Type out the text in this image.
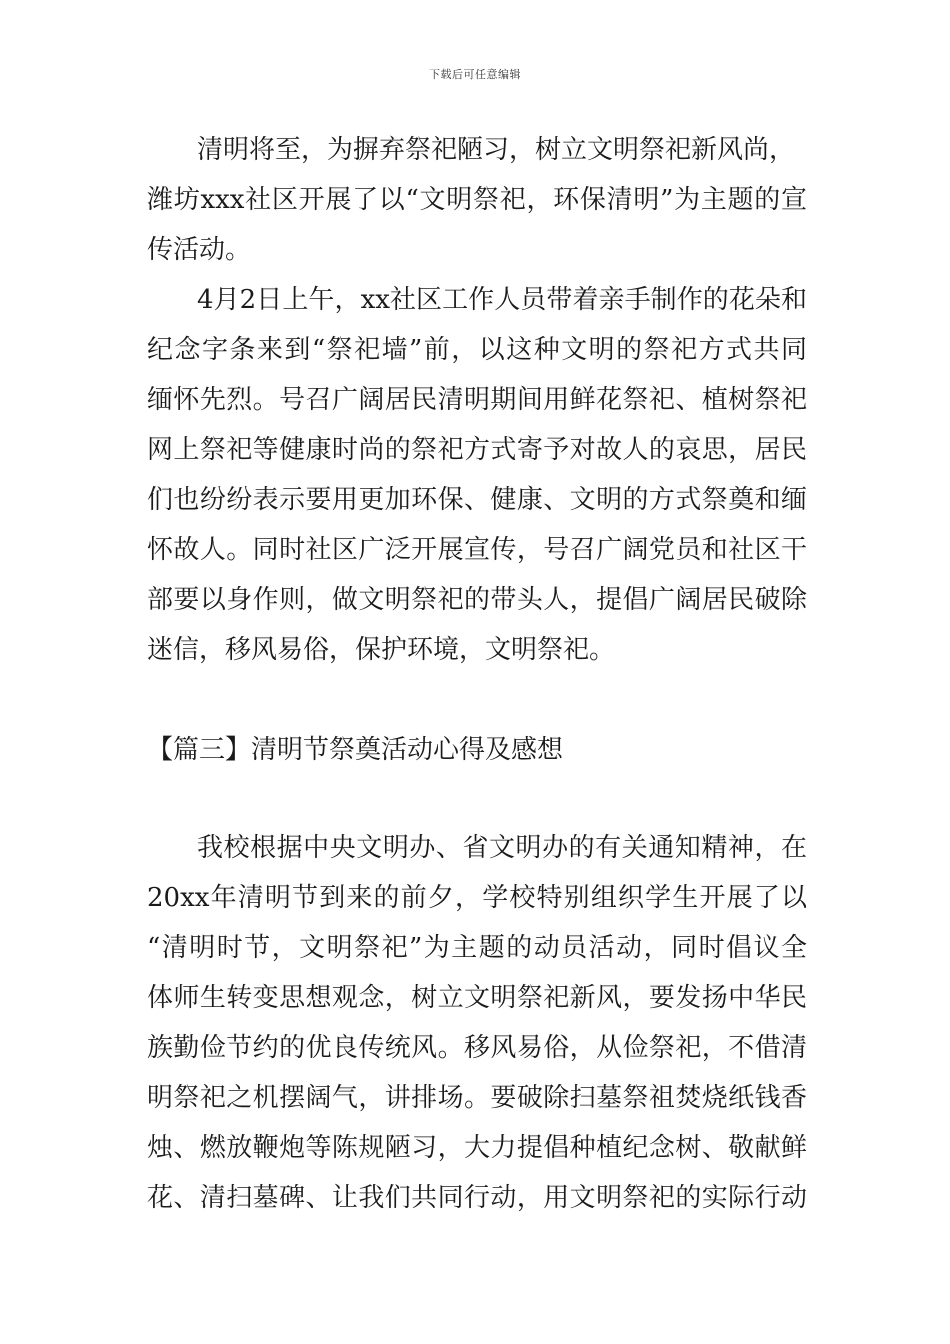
下载后可任意编辑
清明将至，为摒弃祭祀陋习，树立文明祭祀新风尚，
潍坊xxx社区开展了以“文明祭祀，环保清明”为主题的宣
传活动。
4月2日上午，xx社区工作人员带着亲手制作的花朵和
纪念字条来到“祭祀墙”前，以这种文明的祭祀方式共同
缅怀先烈。号召广阔居民清明期间用鲜花祭祀、植树祭祀
网上祭祀等健康时尚的祭祀方式寄予对故人的哀思，居民
们也纷纷表示要用更加环保、健康、文明的方式祭奠和缅
怀故人。同时社区广泛开展宣传，号召广阔党员和社区干
部要以身作则，做文明祭祀的带头人，提倡广阔居民破除
迷信，移风易俗，保护环境，文明祭祀。
【篇三】清明节祭奠活动心得及感想
我校根据中央文明办、省文明办的有关通知精神，在
20xx年清明节到来的前夕，学校特别组织学生开展了以
“清明时节，文明祭祀”为主题的动员活动，同时倡议全
体师生转变思想观念，树立文明祭祀新风，要发扬中华民
族勤俭节约的优良传统风。移风易俗，从俭祭祀，不借清
明祭祀之机摆阔气，讲排场。要破除扫墓祭祖焚烧纸钱香
烛、燃放鞭炮等陈规陋习，大力提倡种植纪念树、敬献鲜
花、清扫墓碑、让我们共同行动，用文明祭祀的实际行动
